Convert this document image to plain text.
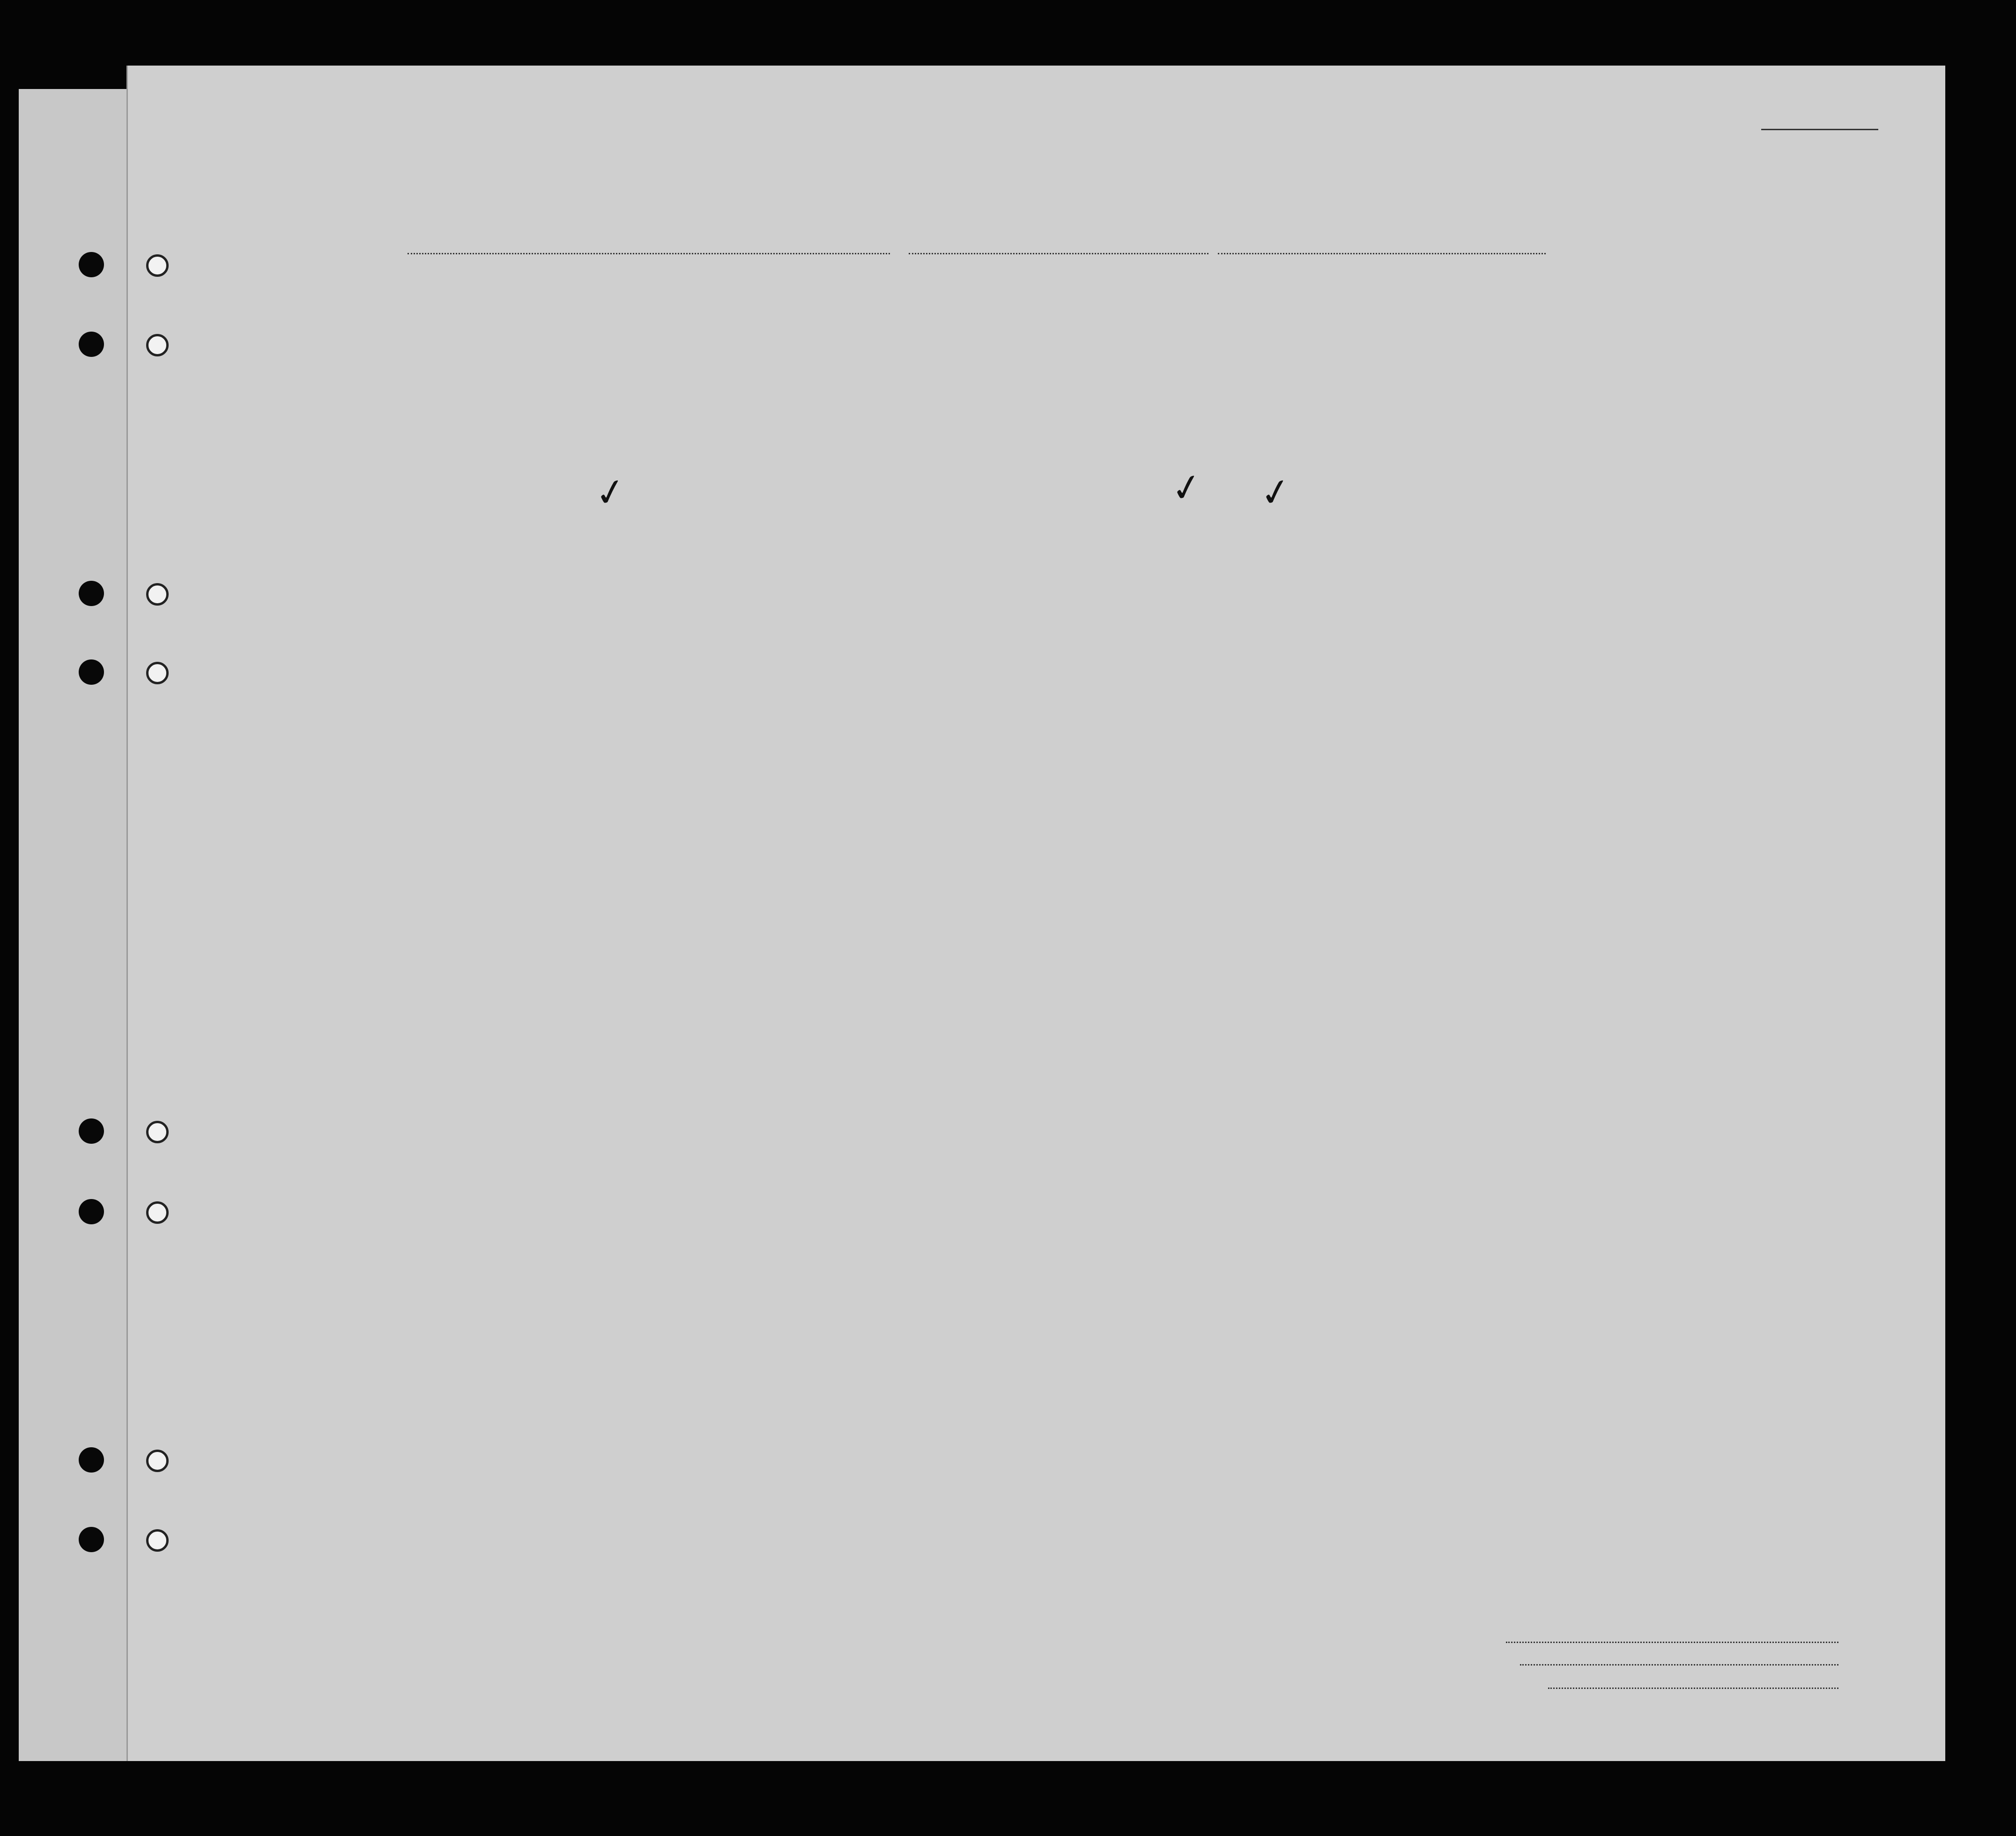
✓	✓ ✓
